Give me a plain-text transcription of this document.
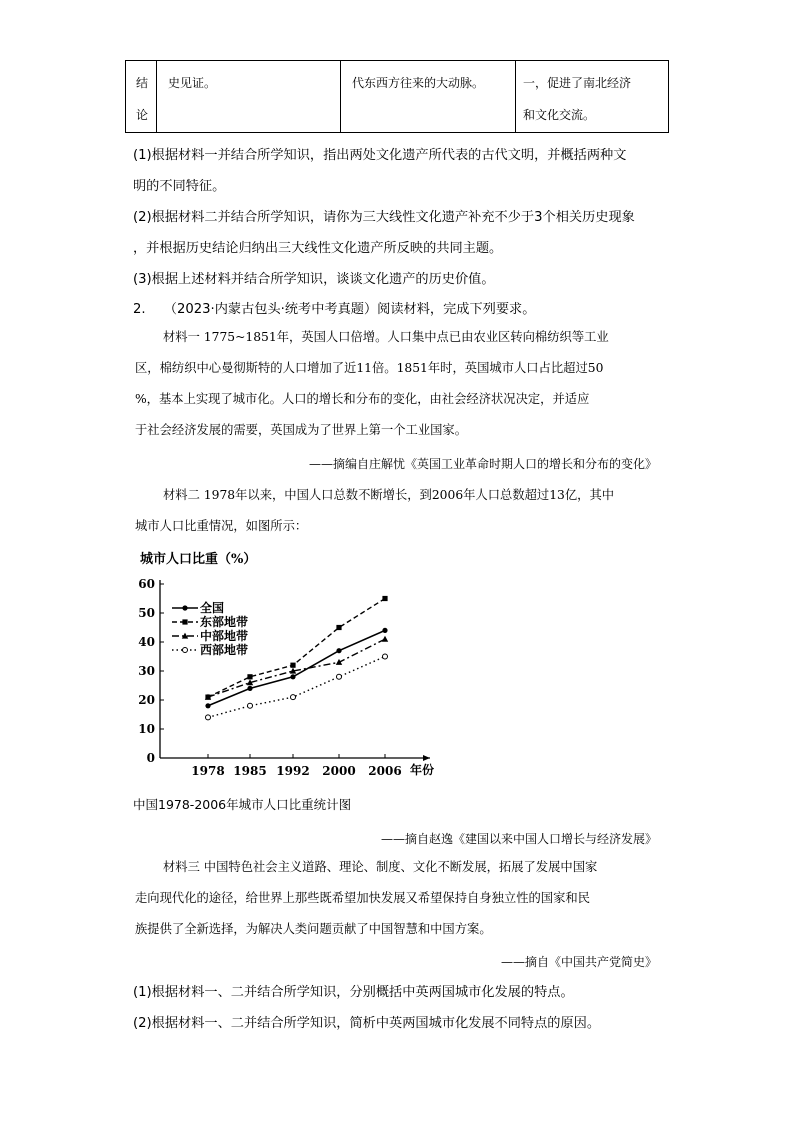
结
论
史见证。	代东西方往来的大动脉。	一，促进了南北经济
和文化交流。
(1)根据材料一并结合所学知识，指出两处文化遗产所代表的古代文明，并概括两种文
明的不同特征。
(2)根据材料二并结合所学知识，请你为三大线性文化遗产补充不少于3个相关历史现象
，并根据历史结论归纳出三大线性文化遗产所反映的共同主题。
(3)根据上述材料并结合所学知识，谈谈文化遗产的历史价值。
2. （2023·内蒙古包头·统考中考真题）阅读材料，完成下列要求。
材料一 1775~1851年，英国人口倍增。人口集中点已由农业区转向棉纺织等工业
区，棉纺织中心曼彻斯特的人口增加了近11倍。1851年时，英国城市人口占比超过50
%，基本上实现了城市化。人口的增长和分布的变化，由社会经济状况决定，并适应
于社会经济发展的需要，英国成为了世界上第一个工业国家。
——摘编自庄解忧《英国工业革命时期人口的增长和分布的变化》
材料二 1978年以来，中国人口总数不断增长，到2006年人口总数超过13亿，其中
城市人口比重情况，如图所示：
城市人口比重（%）
0
10
20
30
40
50
60
1978 1985 1992 2000 2006
全国
东部地带
中部地带
西部地带
年份
中国1978-2006年城市人口比重统计图
——摘自赵逸《建国以来中国人口增长与经济发展》
材料三 中国特色社会主义道路、理论、制度、文化不断发展，拓展了发展中国家
走向现代化的途径，给世界上那些既希望加快发展又希望保持自身独立性的国家和民
族提供了全新选择，为解决人类问题贡献了中国智慧和中国方案。
——摘自《中国共产党简史》
(1)根据材料一、二并结合所学知识，分别概括中英两国城市化发展的特点。
(2)根据材料一、二并结合所学知识，简析中英两国城市化发展不同特点的原因。
